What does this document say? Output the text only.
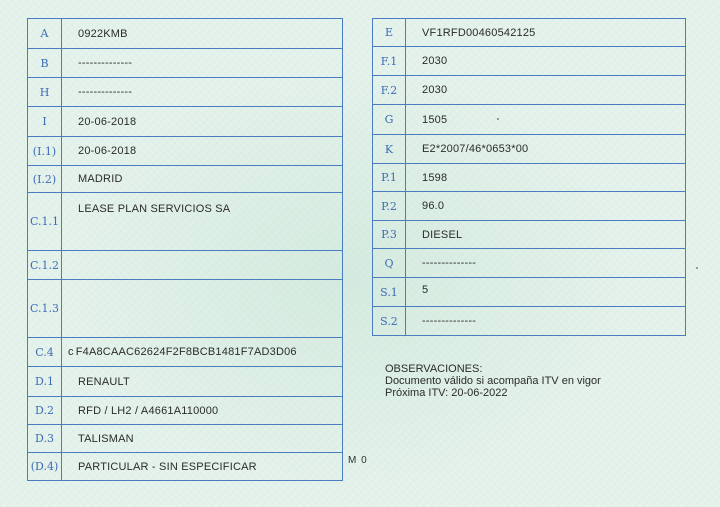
A	0922KMB
B	--------------
H	--------------
I	20-06-2018
(I.1)	20-06-2018
(I.2)	MADRID
C.1.1	LEASE PLAN SERVICIOS SA
C.1.2	
C.1.3	
C.4	c F4A8CAAC62624F2F8BCB1481F7AD3D06
D.1	RENAULT
D.2	RFD / LH2 / A4661A110000
D.3	TALISMAN
(D.4)	PARTICULAR - SIN ESPECIFICAR
E	VF1RFD00460542125
F.1	2030
F.2	2030
G	1505
K	E2*2007/46*0653*00
P.1	1598
P.2	96.0
P.3	DIESEL
Q	--------------
S.1	5
S.2	--------------
OBSERVACIONES:
Documento válido si acompaña ITV en vigor
Próxima ITV: 20-06-2022
M 0
